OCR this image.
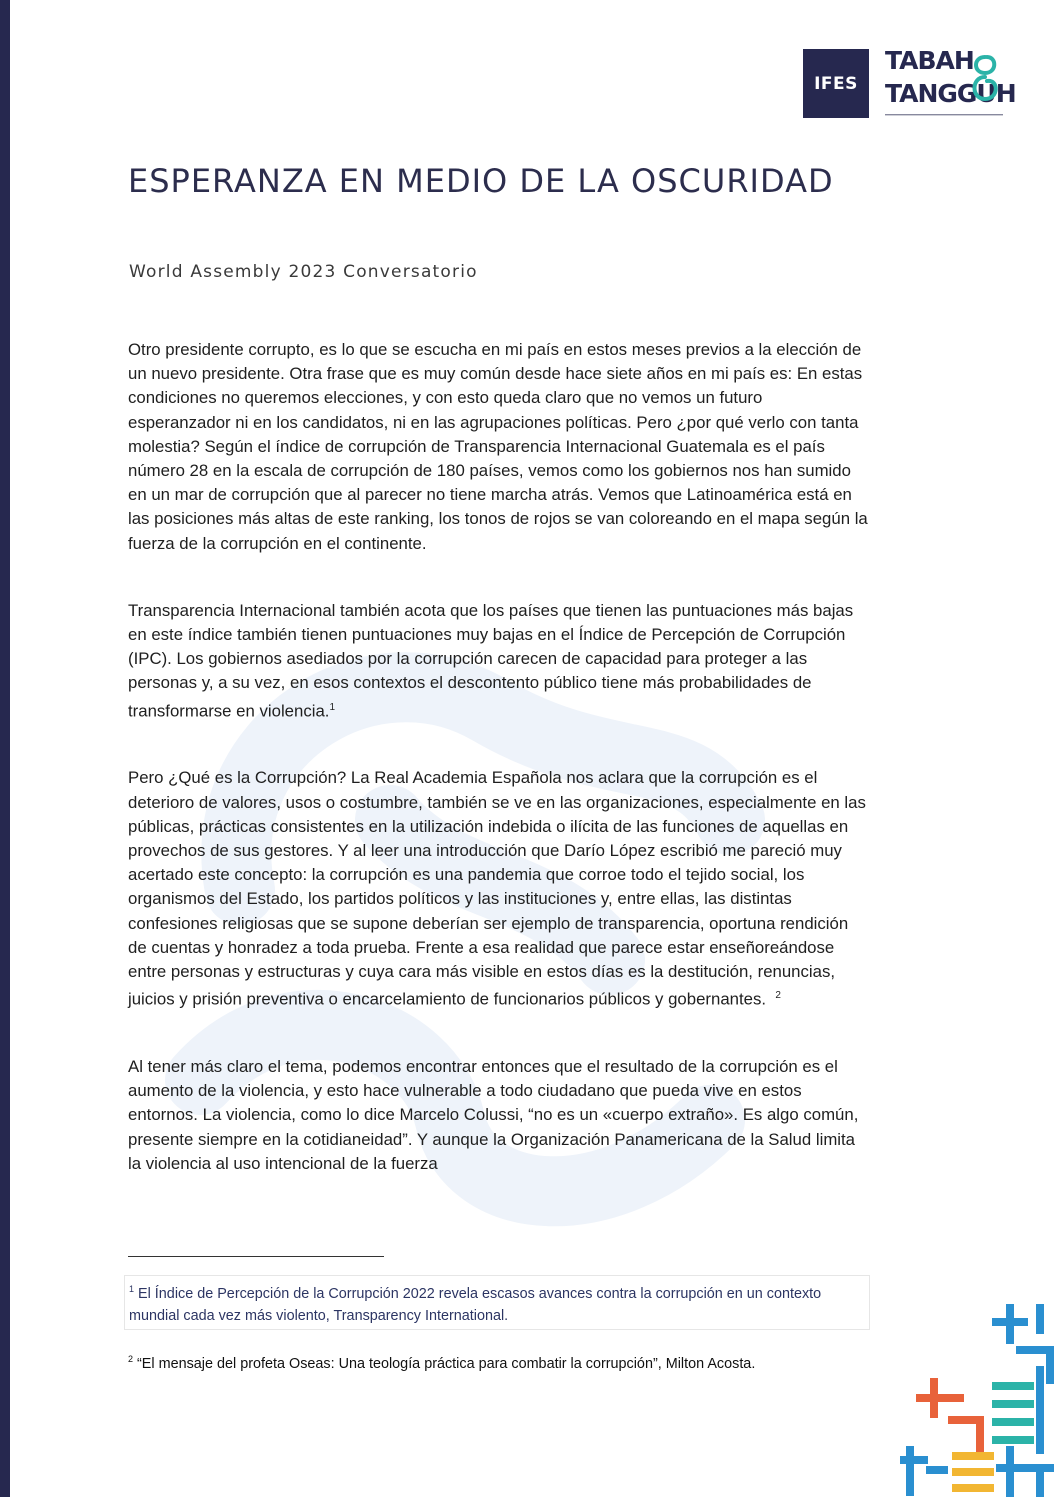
IFES
TABAH
TANGGUH
ESPERANZA EN MEDIO DE LA OSCURIDAD
World Assembly 2023 Conversatorio

Otro presidente corrupto, es lo que se escucha en mi país en estos meses previos a la elección de un nuevo presidente. Otra frase que es muy común desde hace siete años en mi país es: En estas condiciones no queremos elecciones, y con esto queda claro que no vemos un futuro esperanzador ni en los candidatos, ni en las agrupaciones políticas. Pero ¿por qué verlo con tanta molestia? Según el índice de corrupción de Transparencia Internacional Guatemala es el país número 28 en la escala de corrupción de 180 países, vemos como los gobiernos nos han sumido en un mar de corrupción que al parecer no tiene marcha atrás. Vemos que Latinoamérica está en las posiciones más altas de este ranking, los tonos de rojos se van coloreando en el mapa según la fuerza de la corrupción en el continente.

Transparencia Internacional también acota que los países que tienen las puntuaciones más bajas en este índice también tienen puntuaciones muy bajas en el Índice de Percepción de Corrupción (IPC). Los gobiernos asediados por la corrupción carecen de capacidad para proteger a las personas y, a su vez, en esos contextos el descontento público tiene más probabilidades de transformarse en violencia.$^1$

Pero ¿Qué es la Corrupción? La Real Academia Española nos aclara que la corrupción es el deterioro de valores, usos o costumbre, también se ve en las organizaciones, especialmente en las públicas, prácticas consistentes en la utilización indebida o ilícita de las funciones de aquellas en provechos de sus gestores. Y al leer una introducción que Darío López escribió me pareció muy acertado este concepto: la corrupción es una pandemia que corroe todo el tejido social, los organismos del Estado, los partidos políticos y las instituciones y, entre ellas, las distintas confesiones religiosas que se supone deberían ser ejemplo de transparencia, oportuna rendición de cuentas y honradez a toda prueba. Frente a esa realidad que parece estar enseñoreándose entre personas y estructuras y cuya cara más visible en estos días es la destitución, renuncias, juicios y prisión preventiva o encarcelamiento de funcionarios públicos y gobernantes. $^2$

Al tener más claro el tema, podemos encontrar entonces que el resultado de la corrupción es el aumento de la violencia, y esto hace vulnerable a todo ciudadano que pueda vive en estos entornos. La violencia, como lo dice Marcelo Colussi, “no es un «cuerpo extraño». Es algo común, presente siempre en la cotidianeidad”. Y aunque la Organización Panamericana de la Salud limita la violencia al uso intencional de la fuerza

$^1$ El Índice de Percepción de la Corrupción 2022 revela escasos avances contra la corrupción en un contexto mundial cada vez más violento, Transparency International.
$^2$ “El mensaje del profeta Oseas: Una teología práctica para combatir la corrupción”, Milton Acosta.
